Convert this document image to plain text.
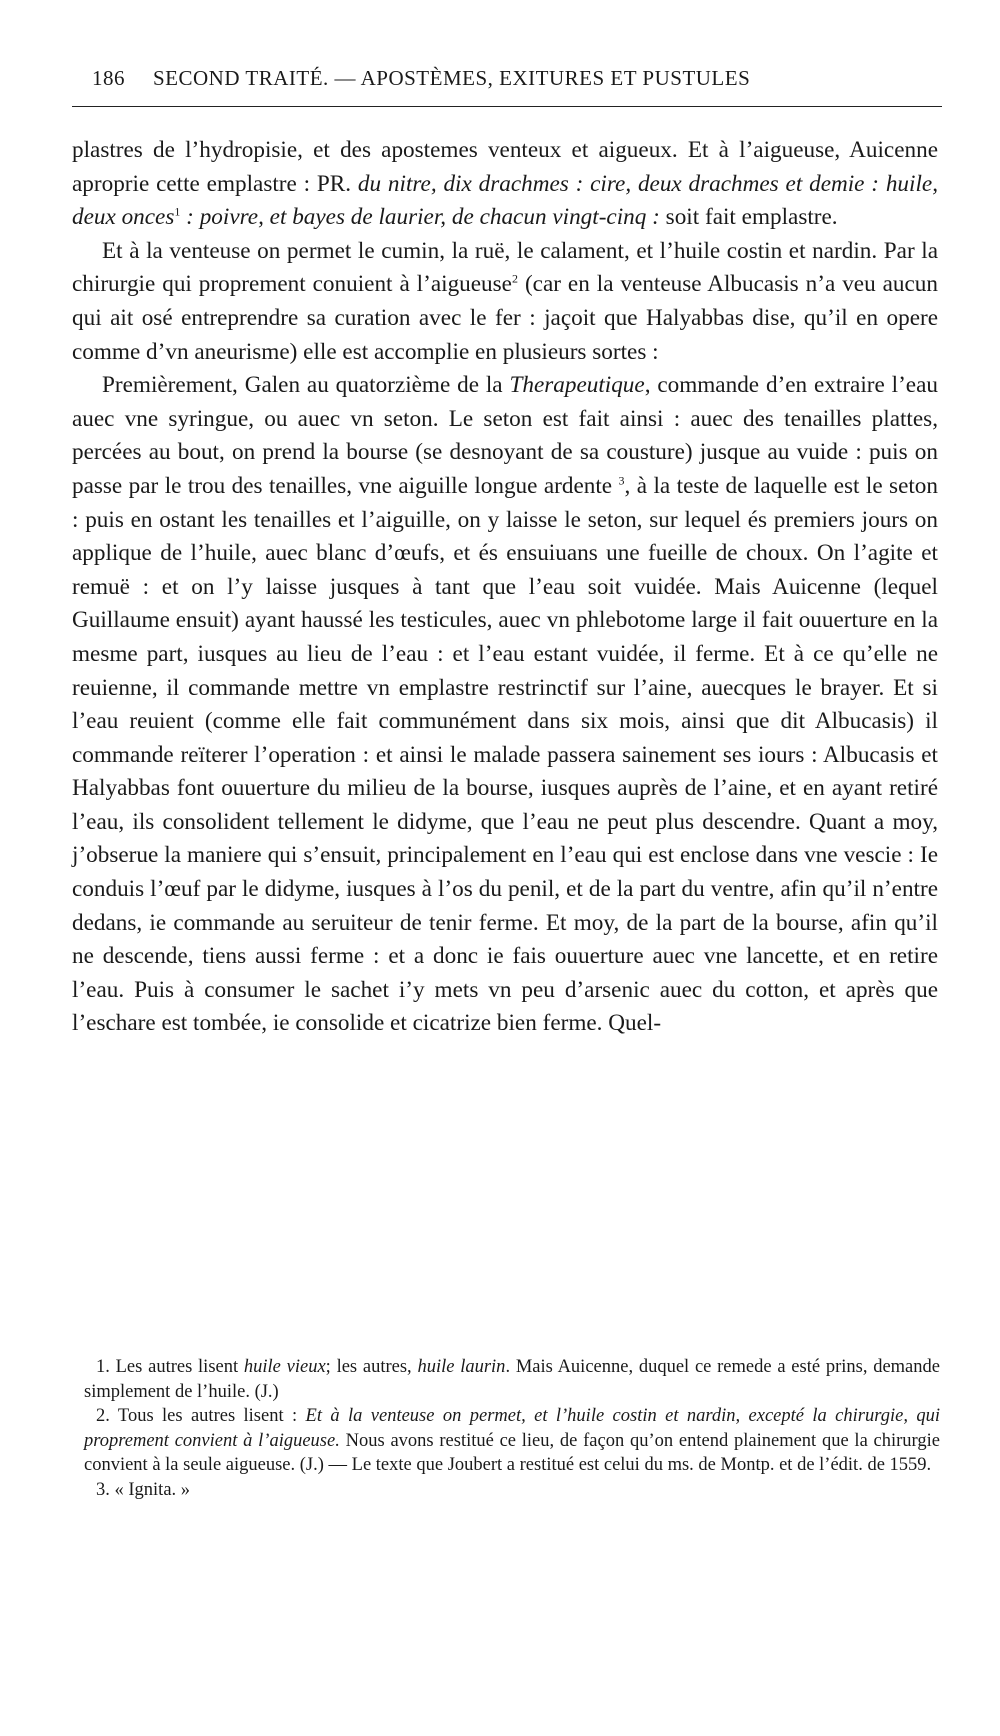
186 SECOND TRAITÉ. — APOSTÈMES, EXITURES ET PUSTULES

plastres de l’hydropisie, et des apostemes venteux et aigueux. Et à l’aigueuse, Auicenne aproprie cette emplastre : PR. du nitre, dix drachmes : cire, deux drachmes et demie : huile, deux onces$^1$ : poivre, et bayes de laurier, de chacun vingt-cinq : soit fait emplastre.

Et à la venteuse on permet le cumin, la ruë, le calament, et l’huile costin et nardin. Par la chirurgie qui proprement conuient à l’aigueuse$^2$ (car en la venteuse Albucasis n’a veu aucun qui ait osé entreprendre sa curation avec le fer : jaçoit que Halyabbas dise, qu’il en opere comme d’vn aneurisme) elle est accomplie en plusieurs sortes :

Premièrement, Galen au quatorzième de la Therapeutique, commande d’en extraire l’eau auec vne syringue, ou auec vn seton. Le seton est fait ainsi : auec des tenailles plattes, percées au bout, on prend la bourse (se desnoyant de sa cousture) jusque au vuide : puis on passe par le trou des tenailles, vne aiguille longue ardente $^3$, à la teste de laquelle est le seton : puis en ostant les tenailles et l’aiguille, on y laisse le seton, sur lequel és premiers jours on applique de l’huile, auec blanc d’œufs, et és ensuiuans une fueille de choux. On l’agite et remuë : et on l’y laisse jusques à tant que l’eau soit vuidée. Mais Auicenne (lequel Guillaume ensuit) ayant haussé les testicules, auec vn phlebotome large il fait ouuerture en la mesme part, iusques au lieu de l’eau : et l’eau estant vuidée, il ferme. Et à ce qu’elle ne reuienne, il commande mettre vn emplastre restrinctif sur l’aine, auecques le brayer. Et si l’eau reuient (comme elle fait communément dans six mois, ainsi que dit Albucasis) il commande reïterer l’operation : et ainsi le malade passera sainement ses iours : Albucasis et Halyabbas font ouuerture du milieu de la bourse, iusques auprès de l’aine, et en ayant retiré l’eau, ils consolident tellement le didyme, que l’eau ne peut plus descendre. Quant a moy, j’obserue la maniere qui s’ensuit, principalement en l’eau qui est enclose dans vne vescie : Ie conduis l’œuf par le didyme, iusques à l’os du penil, et de la part du ventre, afin qu’il n’entre dedans, ie commande au seruiteur de tenir ferme. Et moy, de la part de la bourse, afin qu’il ne descende, tiens aussi ferme : et a donc ie fais ouuerture auec vne lancette, et en retire l’eau. Puis à consumer le sachet i’y mets vn peu d’arsenic auec du cotton, et après que l’eschare est tombée, ie consolide et cicatrize bien ferme. Quel-

1. Les autres lisent huile vieux; les autres, huile laurin. Mais Auicenne, duquel ce remede a esté prins, demande simplement de l’huile. (J.)

2. Tous les autres lisent : Et à la venteuse on permet, et l’huile costin et nardin, excepté la chirurgie, qui proprement convient à l’aigueuse. Nous avons restitué ce lieu, de façon qu’on entend plainement que la chirurgie convient à la seule aigueuse. (J.) — Le texte que Joubert a restitué est celui du ms. de Montp. et de l’édit. de 1559.

3. « Ignita. »
